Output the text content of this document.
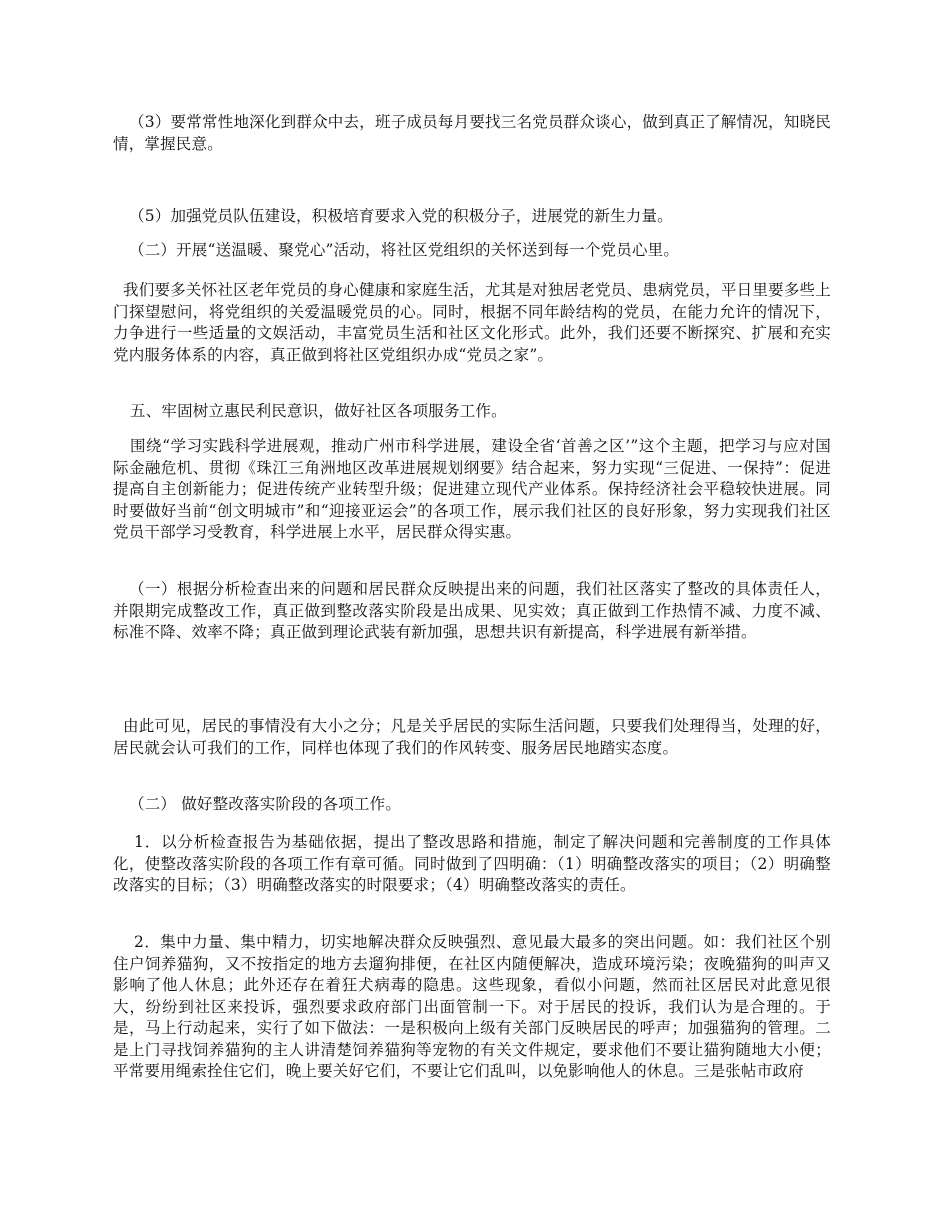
（3）要常常性地深化到群众中去，班子成员每月要找三名党员群众谈心，做到真正了解情况，知晓民情，掌握民意。

（5）加强党员队伍建设，积极培育要求入党的积极分子，进展党的新生力量。

（二）开展“送温暖、聚党心”活动，将社区党组织的关怀送到每一个党员心里。

我们要多关怀社区老年党员的身心健康和家庭生活，尤其是对独居老党员、患病党员，平日里要多些上门探望慰问，将党组织的关爱温暖党员的心。同时，根据不同年龄结构的党员，在能力允许的情况下，力争进行一些适量的文娱活动，丰富党员生活和社区文化形式。此外，我们还要不断探究、扩展和充实党内服务体系的内容，真正做到将社区党组织办成“党员之家”。

五、牢固树立惠民利民意识，做好社区各项服务工作。

围绕“学习实践科学进展观，推动广州市科学进展，建设全省‘首善之区’”这个主题，把学习与应对国际金融危机、贯彻《珠江三角洲地区改革进展规划纲要》结合起来，努力实现“三促进、一保持”：促进提高自主创新能力；促进传统产业转型升级；促进建立现代产业体系。保持经济社会平稳较快进展。同时要做好当前“创文明城市”和“迎接亚运会”的各项工作，展示我们社区的良好形象，努力实现我们社区党员干部学习受教育，科学进展上水平，居民群众得实惠。

（一）根据分析检查出来的问题和居民群众反映提出来的问题，我们社区落实了整改的具体责任人，并限期完成整改工作，真正做到整改落实阶段是出成果、见实效；真正做到工作热情不减、力度不减、标准不降、效率不降；真正做到理论武装有新加强，思想共识有新提高，科学进展有新举措。

由此可见，居民的事情没有大小之分；凡是关乎居民的实际生活问题，只要我们处理得当，处理的好，居民就会认可我们的工作，同样也体现了我们的作风转变、服务居民地踏实态度。

（二） 做好整改落实阶段的各项工作。

1．以分析检查报告为基础依据，提出了整改思路和措施，制定了解决问题和完善制度的工作具体化，使整改落实阶段的各项工作有章可循。同时做到了四明确：（1）明确整改落实的项目；（2）明确整改落实的目标；（3）明确整改落实的时限要求；（4）明确整改落实的责任。

2．集中力量、集中精力，切实地解决群众反映强烈、意见最大最多的突出问题。如：我们社区个别住户饲养猫狗，又不按指定的地方去遛狗排便，在社区内随便解决，造成环境污染；夜晚猫狗的叫声又影响了他人休息；此外还存在着狂犬病毒的隐患。这些现象，看似小问题，然而社区居民对此意见很大，纷纷到社区来投诉，强烈要求政府部门出面管制一下。对于居民的投诉，我们认为是合理的。于是，马上行动起来，实行了如下做法：一是积极向上级有关部门反映居民的呼声；加强猫狗的管理。二是上门寻找饲养猫狗的主人讲清楚饲养猫狗等宠物的有关文件规定，要求他们不要让猫狗随地大小便；平常要用绳索拴住它们，晚上要关好它们，不要让它们乱叫，以免影响他人的休息。三是张帖市政府
